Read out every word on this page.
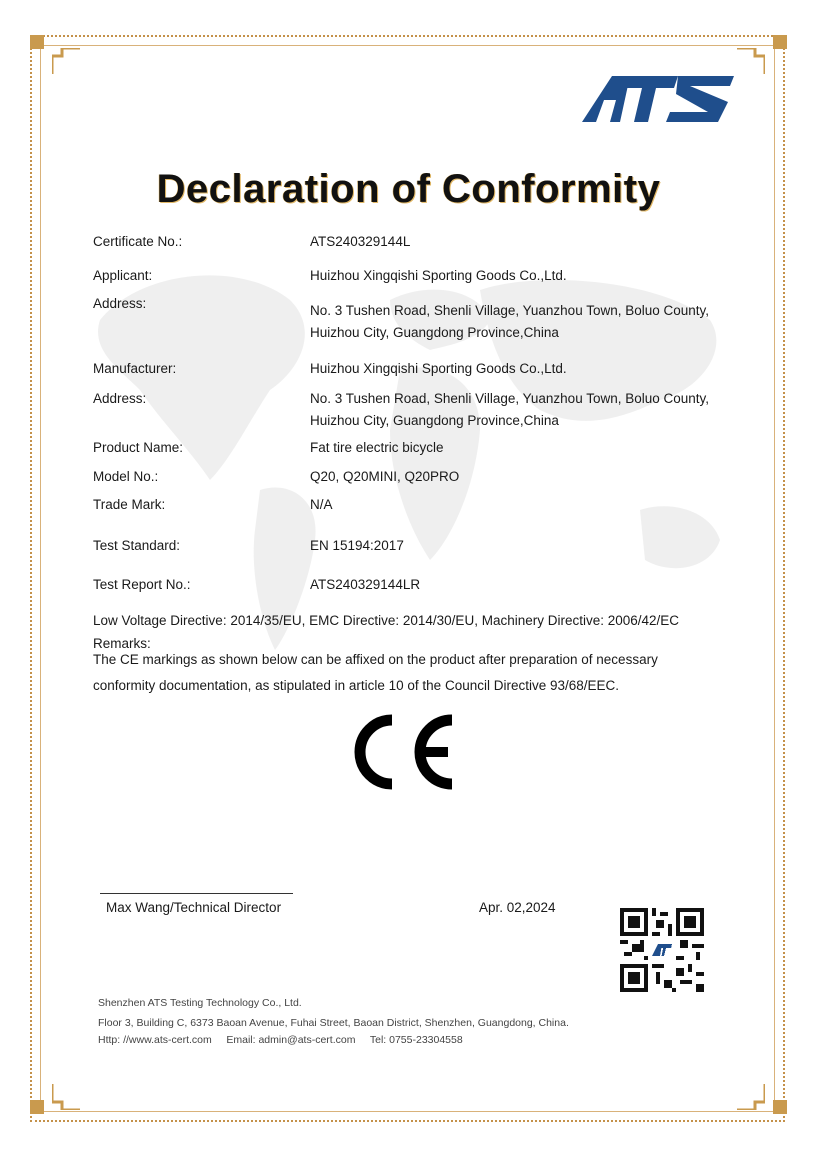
Declaration of Conformity
Certificate No.:	ATS240329144L
Applicant:	Huizhou Xingqishi Sporting Goods Co.,Ltd.
Address:	No. 3 Tushen Road, Shenli Village, Yuanzhou Town, Boluo County, Huizhou City, Guangdong Province,China
Manufacturer:	Huizhou Xingqishi Sporting Goods Co.,Ltd.
Address:	No. 3 Tushen Road, Shenli Village, Yuanzhou Town, Boluo County, Huizhou City, Guangdong Province,China
Product Name:	Fat tire electric bicycle
Model No.:	Q20, Q20MINI, Q20PRO
Trade Mark:	N/A
Test Standard:	EN 15194:2017
Test Report No.:	ATS240329144LR
Low Voltage Directive: 2014/35/EU, EMC Directive: 2014/30/EU, Machinery Directive: 2006/42/EC
Remarks:
The CE markings as shown below can be affixed on the product after preparation of necessary
conformity documentation, as stipulated in article 10 of the Council Directive 93/68/EEC.
Max Wang/Technical Director	Apr. 02,2024
Shenzhen ATS Testing Technology Co., Ltd.
Floor 3, Building C, 6373 Baoan Avenue, Fuhai Street, Baoan District, Shenzhen, Guangdong, China.
Http: //www.ats-cert.com     Email: admin@ats-cert.com     Tel: 0755-23304558
